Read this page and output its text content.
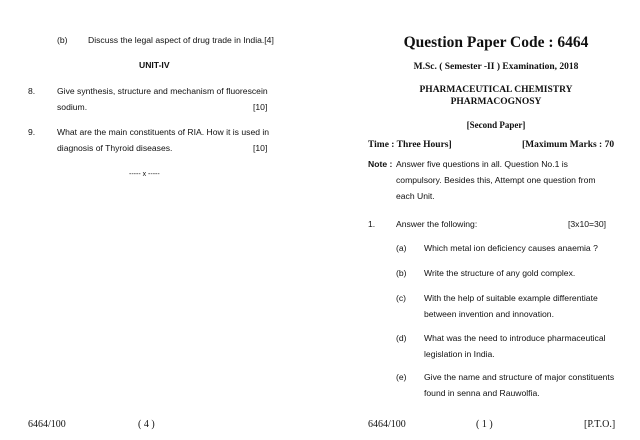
(b) Discuss the legal aspect of drug trade in India.[4]
UNIT-IV
8.	Give synthesis, structure and mechanism of fluorescein
sodium.	[10]
9.	What are the main constituents of RIA. How it is used in
diagnosis of Thyroid diseases.	[10]
----- x -----
6464/100	( 4 )
Question Paper Code : 6464
M.Sc. ( Semester -II ) Examination, 2018
PHARMACEUTICAL CHEMISTRY
PHARMACOGNOSY
[Second Paper]
Time : Three Hours]	[Maximum Marks : 70
Note : Answer five questions in all. Question No.1 is
compulsory. Besides this, Attempt one question from
each Unit.
1. Answer the following:	[3x10=30]
(a) Which metal ion deficiency causes anaemia ?
(b) Write the structure of any gold complex.
(c) With the help of suitable example differentiate
between invention and innovation.
(d) What was the need to introduce pharmaceutical
legislation in India.
(e) Give the name and structure of major constituents
found in senna and Rauwolfia.
6464/100	( 1 )	[P.T.O.]
